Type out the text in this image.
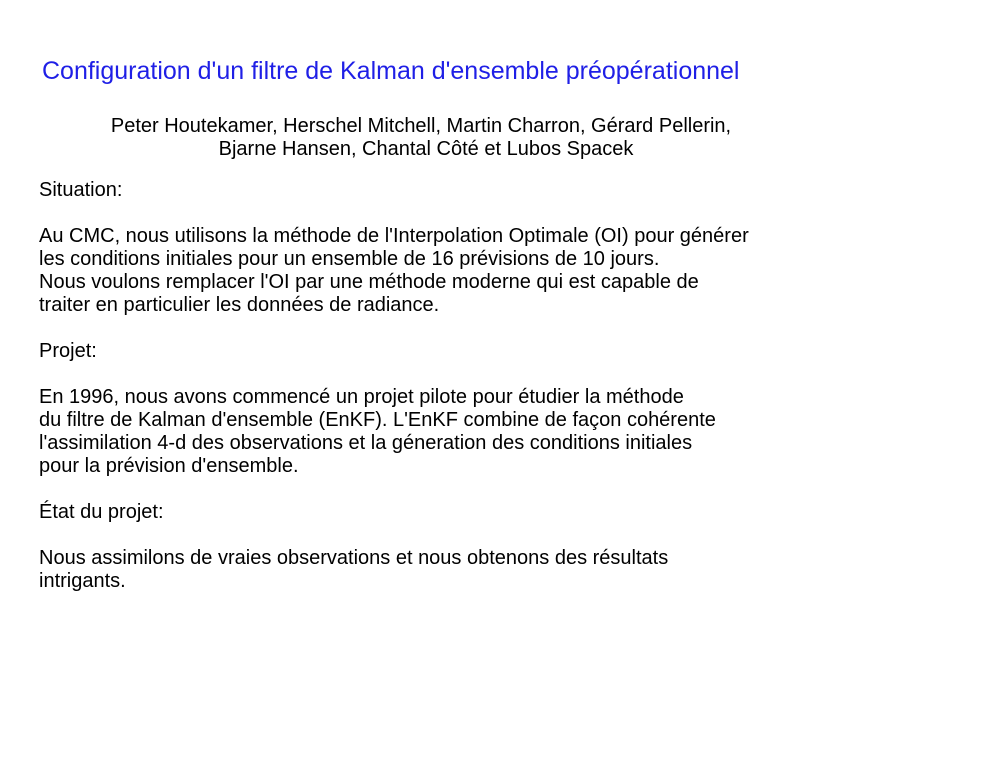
Configuration d'un filtre de Kalman d'ensemble préopérationnel
Peter Houtekamer, Herschel Mitchell, Martin Charron, Gérard Pellerin,
Bjarne Hansen, Chantal Côté et Lubos Spacek
Situation:
Au CMC, nous utilisons la méthode de l'Interpolation Optimale (OI) pour générer
les conditions initiales pour un ensemble de 16 prévisions de 10 jours.
Nous voulons remplacer l'OI par une méthode moderne qui est capable de
traiter en particulier les données de radiance.
Projet:
En 1996, nous avons commencé un projet pilote pour étudier la méthode
du filtre de Kalman d'ensemble (EnKF). L'EnKF combine de façon cohérente
l'assimilation 4-d des observations et la géneration des conditions initiales
pour la prévision d'ensemble.
État du projet:
Nous assimilons de vraies observations et nous obtenons des résultats
intrigants.
